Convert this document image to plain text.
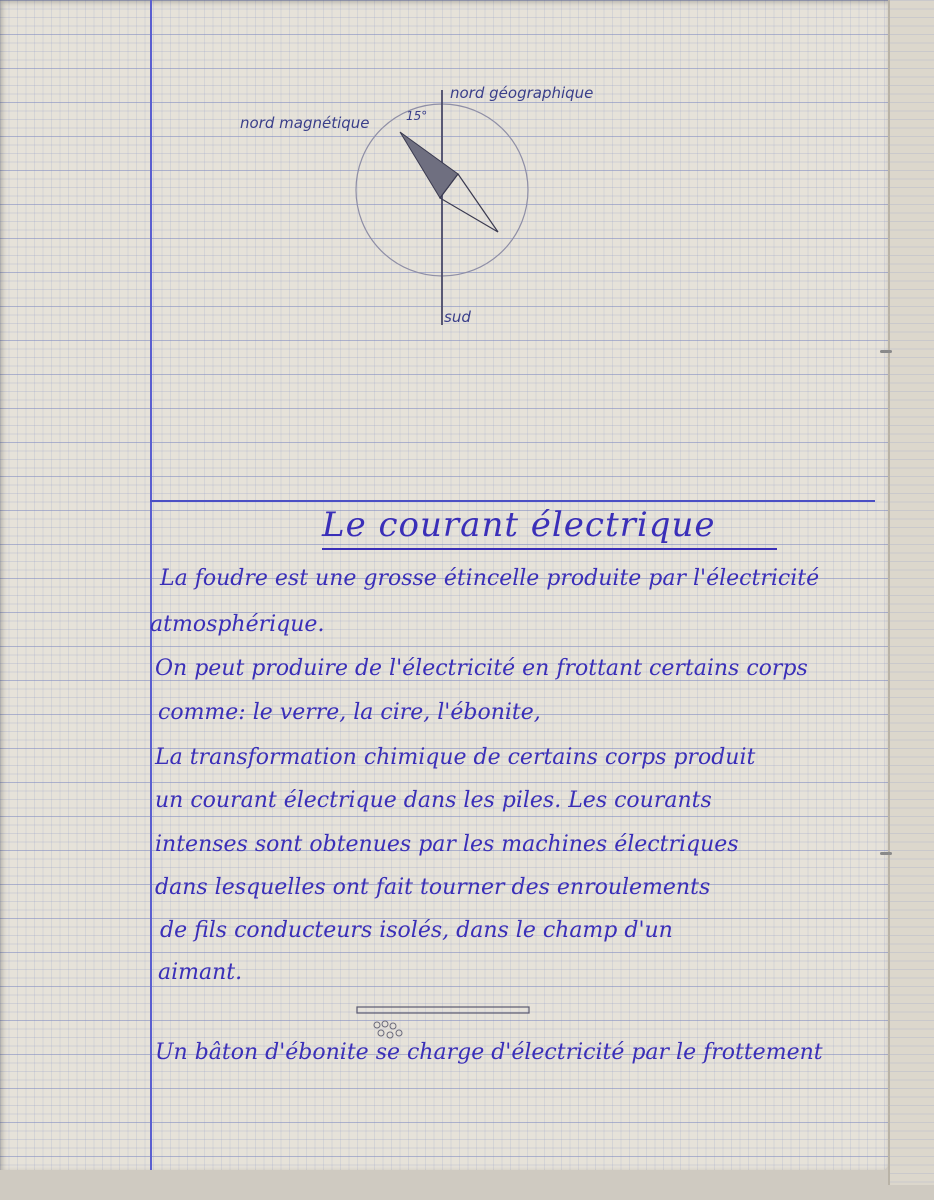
nord géographique
nord magnétique	15°
sud
Le courant électrique
La foudre est une grosse étincelle produite par l'électricité
atmosphérique.
On peut produire de l'électricité en frottant certains corps
comme: le verre, la cire, l'ébonite,
La transformation chimique de certains corps produit
un courant électrique dans les piles. Les courants
intenses sont obtenues par les machines électriques
dans lesquelles ont fait tourner des enroulements
de fils conducteurs isolés, dans le champ d'un
aimant.
Un bâton d'ébonite se charge d'électricité par le frottement
